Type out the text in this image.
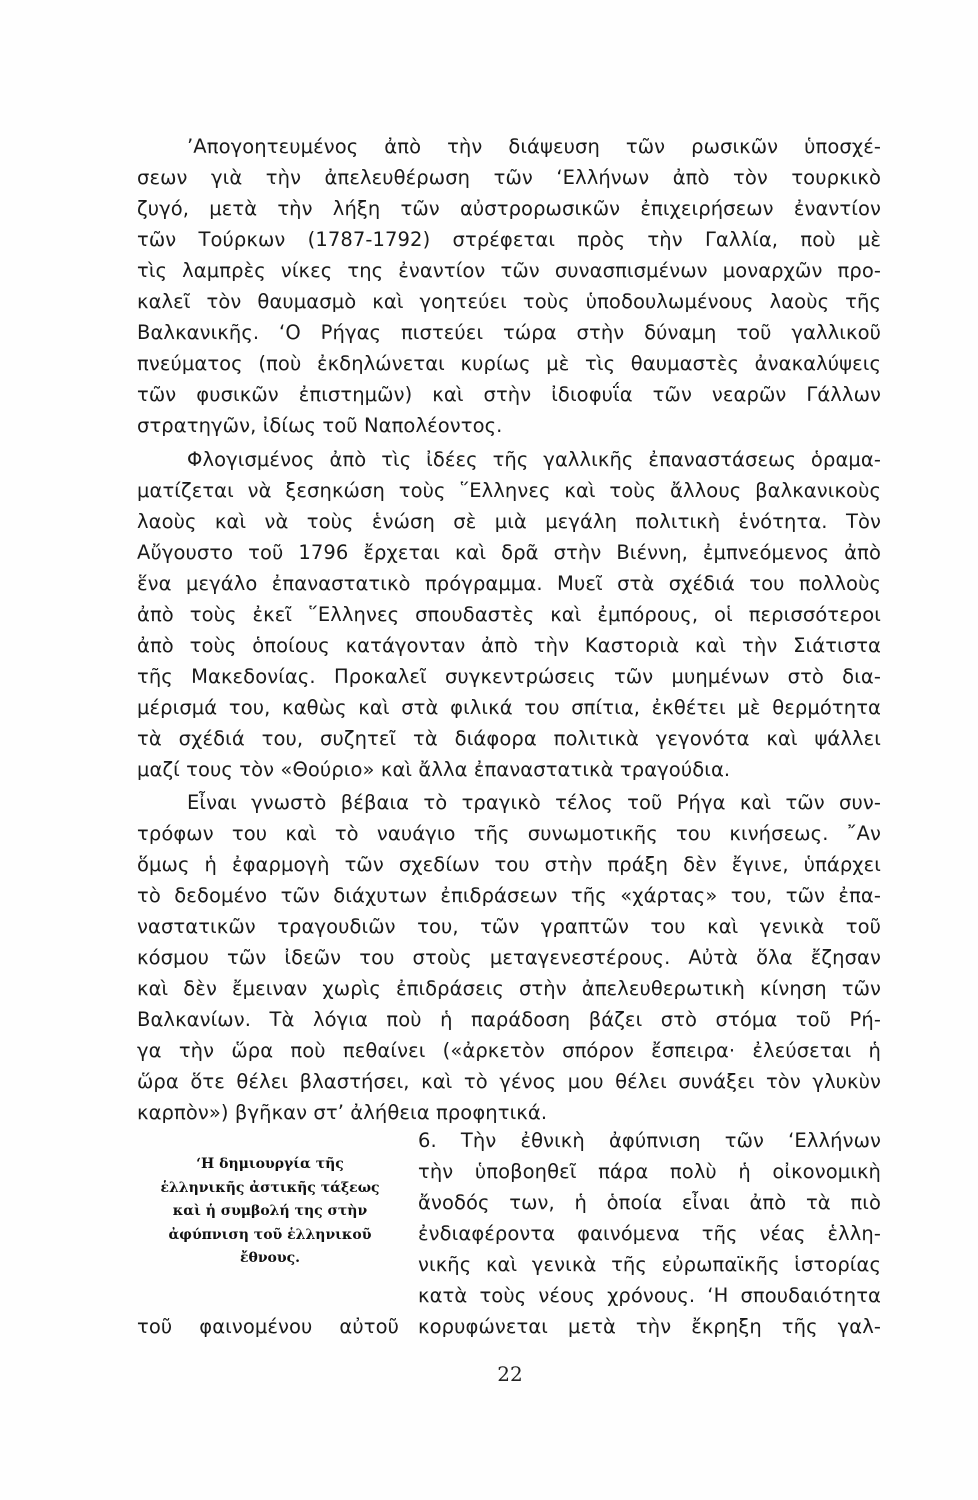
’Απογοητευμένος ἀπὸ τὴν διάψευση τῶν ρωσικῶν ὑποσχέ-
σεων γιὰ τὴν ἀπελευθέρωση τῶν ‘Ελλήνων ἀπὸ τὸν τουρκικὸ
ζυγό, μετὰ τὴν λήξη τῶν αὐστρορωσικῶν ἐπιχειρήσεων ἐναντίον
τῶν Τούρκων (1787-1792) στρέφεται πρὸς τὴν Γαλλία, ποὺ μὲ
τὶς λαμπρὲς νίκες της ἐναντίον τῶν συνασπισμένων μοναρχῶν προ-
καλεῖ τὸν θαυμασμὸ καὶ γοητεύει τοὺς ὑποδουλωμένους λαοὺς τῆς
Βαλκανικῆς. ‘Ο Ρήγας πιστεύει τώρα στὴν δύναμη τοῦ γαλλικοῦ
πνεύματος (ποὺ ἐκδηλώνεται κυρίως μὲ τὶς θαυμαστὲς ἀνακαλύψεις
τῶν φυσικῶν ἐπιστημῶν) καὶ στὴν ἰδιοφυΐα τῶν νεαρῶν Γάλλων
στρατηγῶν, ἰδίως τοῦ Ναπολέοντος.
Φλογισμένος ἀπὸ τὶς ἰδέες τῆς γαλλικῆς ἐπαναστάσεως ὁραμα-
ματίζεται νὰ ξεσηκώση τοὺς ῞Ελληνες καὶ τοὺς ἄλλους βαλκανικοὺς
λαοὺς καὶ νὰ τοὺς ἑνώση σὲ μιὰ μεγάλη πολιτικὴ ἑνότητα. Τὸν
Αὔγουστο τοῦ 1796 ἔρχεται καὶ δρᾶ στὴν Βιέννη, ἐμπνεόμενος ἀπὸ
ἕνα μεγάλο ἐπαναστατικὸ πρόγραμμα. Μυεῖ στὰ σχέδιά του πολλοὺς
ἀπὸ τοὺς ἐκεῖ ῞Ελληνες σπουδαστὲς καὶ ἐμπόρους, οἱ περισσότεροι
ἀπὸ τοὺς ὁποίους κατάγονταν ἀπὸ τὴν Καστοριὰ καὶ τὴν Σιάτιστα
τῆς Μακεδονίας. Προκαλεῖ συγκεντρώσεις τῶν μυημένων στὸ δια-
μέρισμά του, καθὼς καὶ στὰ φιλικά του σπίτια, ἐκθέτει μὲ θερμότητα
τὰ σχέδιά του, συζητεῖ τὰ διάφορα πολιτικὰ γεγονότα καὶ ψάλλει
μαζί τους τὸν «Θούριο» καὶ ἄλλα ἐπαναστατικὰ τραγούδια.
Εἶναι γνωστὸ βέβαια τὸ τραγικὸ τέλος τοῦ Ρήγα καὶ τῶν συν-
τρόφων του καὶ τὸ ναυάγιο τῆς συνωμοτικῆς του κινήσεως. ῎Αν
ὅμως ἡ ἐφαρμογὴ τῶν σχεδίων του στὴν πράξη δὲν ἔγινε, ὑπάρχει
τὸ δεδομένο τῶν διάχυτων ἐπιδράσεων τῆς «χάρτας» του, τῶν ἐπα-
ναστατικῶν τραγουδιῶν του, τῶν γραπτῶν του καὶ γενικὰ τοῦ
κόσμου τῶν ἰδεῶν του στοὺς μεταγενεστέρους. Αὐτὰ ὅλα ἔζησαν
καὶ δὲν ἔμειναν χωρὶς ἐπιδράσεις στὴν ἀπελευθερωτικὴ κίνηση τῶν
Βαλκανίων. Τὰ λόγια ποὺ ἡ παράδοση βάζει στὸ στόμα τοῦ Ρή-
γα τὴν ὥρα ποὺ πεθαίνει («ἀρκετὸν σπόρον ἔσπειρα· ἐλεύσεται ἡ
ὥρα ὅτε θέλει βλαστήσει, καὶ τὸ γένος μου θέλει συνάξει τὸν γλυκὺν
καρπὸν») βγῆκαν στ’ ἀλήθεια προφητικά.
‘Η δημιουργία τῆς
ἑλληνικῆς ἀστικῆς τάξεως
καὶ ἡ συμβολή της στὴν
ἀφύπνιση τοῦ ἑλληνικοῦ
ἔθνους.
6. Τὴν ἐθνικὴ ἀφύπνιση τῶν ‘Ελλήνων
τὴν ὑποβοηθεῖ πάρα πολὺ ἡ οἰκονομικὴ
ἄνοδός των, ἡ ὁποία εἶναι ἀπὸ τὰ πιὸ
ἐνδιαφέροντα φαινόμενα τῆς νέας ἑλλη-
νικῆς καὶ γενικὰ τῆς εὐρωπαϊκῆς ἱστορίας
κατὰ τοὺς νέους χρόνους. ‘Η σπουδαιότητα
τοῦ φαινομένου αὐτοῦ κορυφώνεται μετὰ τὴν ἔκρηξη τῆς γαλ-
22
